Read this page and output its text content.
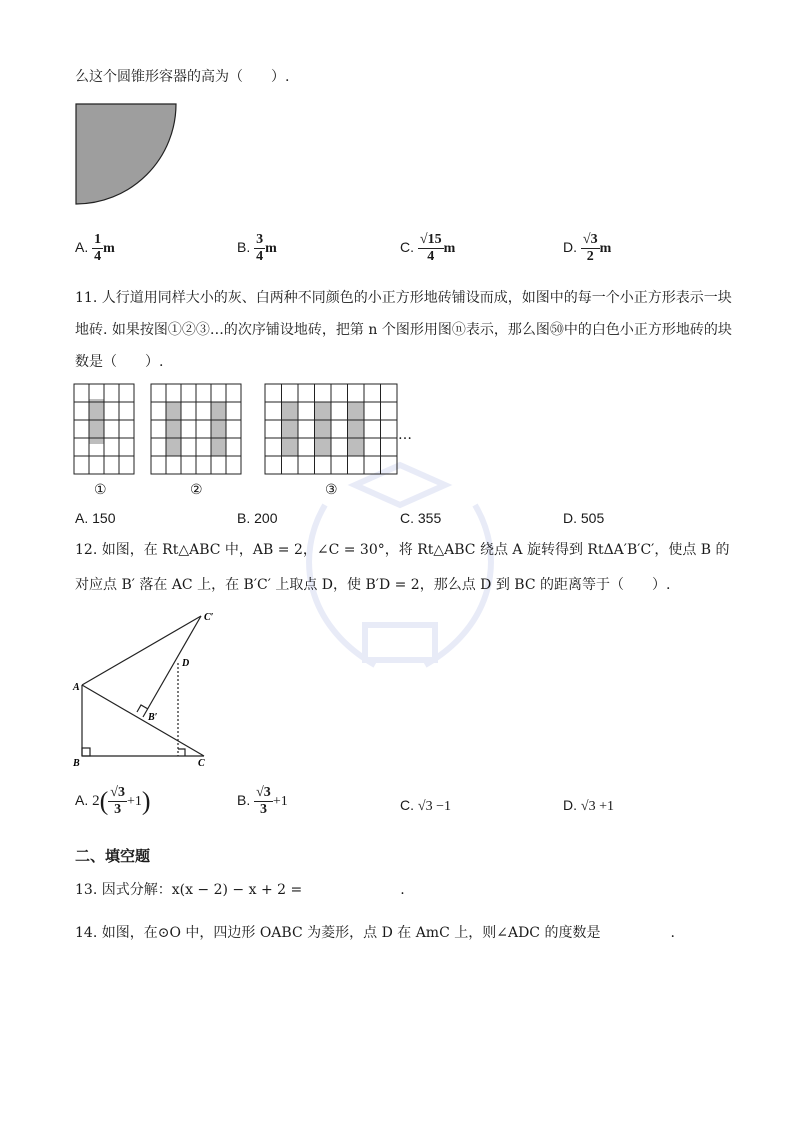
么这个圆锥形容器的高为（　　）.
A. $\frac{1}{4}$ m	B. $\frac{3}{4}$ m	C. $\frac{√15}{4}$ m	D. $\frac{√3}{2}$ m
11. 人行道用同样大小的灰、白两种不同颜色的小正方形地砖铺设而成，如图中的每一个小正方形表示一块
地砖. 如果按图①②③…的次序铺设地砖，把第 n 个图形用图ⓝ表示，那么图㊿中的白色小正方形地砖的块
数是（　　）.
①	②
…
③
A. 150	B. 200	C. 355	D. 505
12. 如图，在 Rt△ABC 中，AB = 2，∠C = 30°，将 Rt△ABC 绕点 A 旋转得到 RtΔA′B′C′，使点 B 的
对应点 B′ 落在 AC 上，在 B′C′ 上取点 D，使 B′D = 2，那么点 D 到 BC 的距离等于（　　）.
A
B	C
C′
D
B′
A. $2( \frac{√3}{3} +1)$	B. $\frac{√3}{3} +1$	C. √3 −1	D. √3 +1
二、填空题
13. 因式分解：x(x − 2) − x + 2 =　　　　　　　.
14. 如图，在⊙O 中，四边形 OABC 为菱形，点 D 在 AmC 上，则∠ADC 的度数是　　　　　.
